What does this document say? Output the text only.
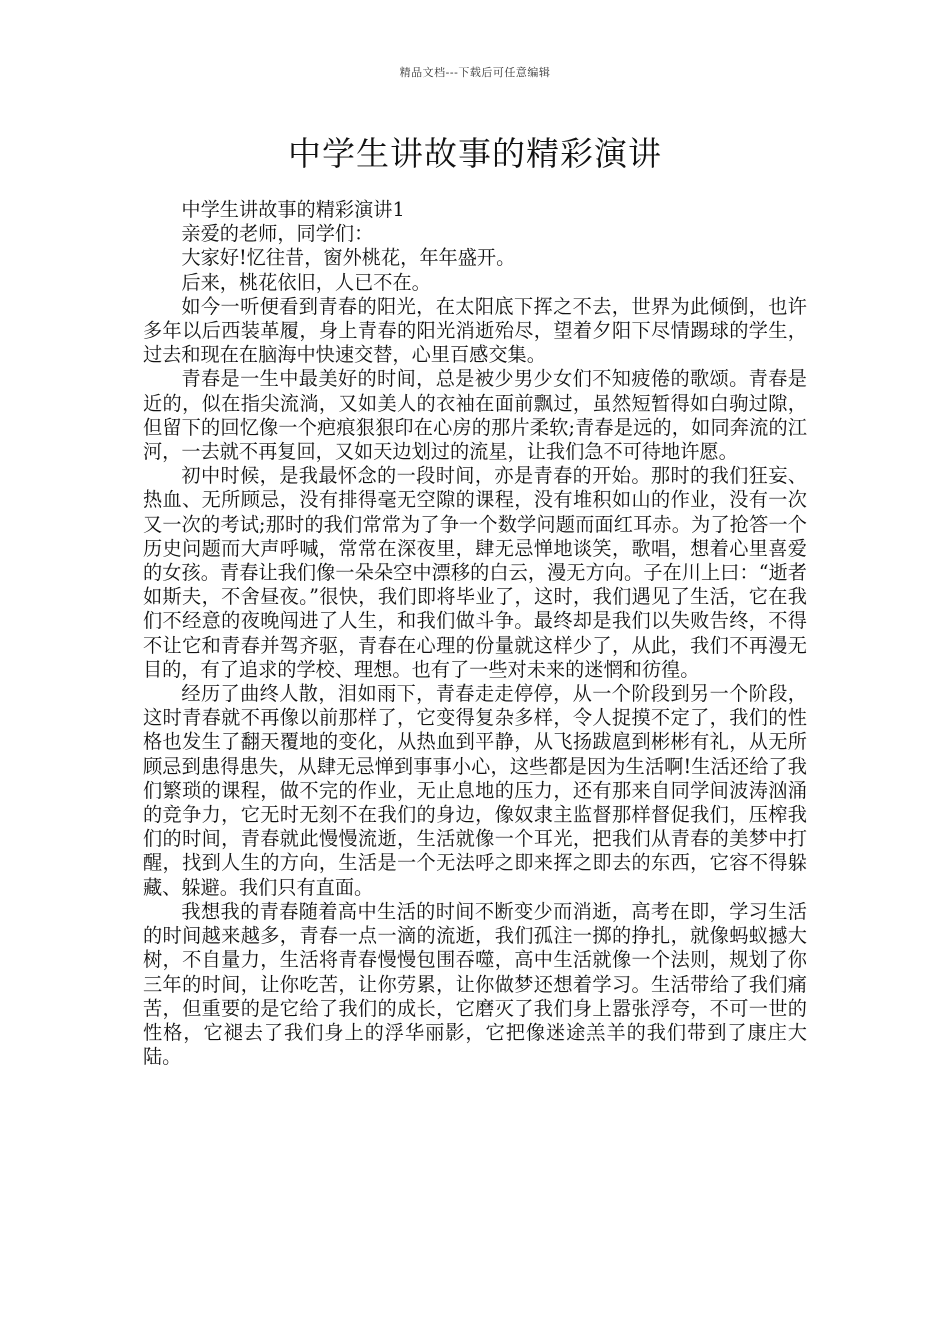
精品文档---下载后可任意编辑
中学生讲故事的精彩演讲

中学生讲故事的精彩演讲1

亲爱的老师，同学们：

大家好!忆往昔，窗外桃花，年年盛开。

后来，桃花依旧，人已不在。

如今一听便看到青春的阳光，在太阳底下挥之不去，世界为此倾倒，也许多年以后西装革履，身上青春的阳光消逝殆尽，望着夕阳下尽情踢球的学生，过去和现在在脑海中快速交替，心里百感交集。

青春是一生中最美好的时间，总是被少男少女们不知疲倦的歌颂。青春是近的，似在指尖流淌，又如美人的衣袖在面前飘过，虽然短暂得如白驹过隙，但留下的回忆像一个疤痕狠狠印在心房的那片柔软;青春是远的，如同奔流的江河，一去就不再复回，又如天边划过的流星，让我们急不可待地许愿。

初中时候，是我最怀念的一段时间，亦是青春的开始。那时的我们狂妄、热血、无所顾忌，没有排得毫无空隙的课程，没有堆积如山的作业，没有一次又一次的考试;那时的我们常常为了争一个数学问题而面红耳赤。为了抢答一个历史问题而大声呼喊，常常在深夜里，肆无忌惮地谈笑，歌唱，想着心里喜爱的女孩。青春让我们像一朵朵空中漂移的白云，漫无方向。子在川上曰：“逝者如斯夫，不舍昼夜。”很快，我们即将毕业了，这时，我们遇见了生活，它在我们不经意的夜晚闯进了人生，和我们做斗争。最终却是我们以失败告终，不得不让它和青春并驾齐驱，青春在心理的份量就这样少了，从此，我们不再漫无目的，有了追求的学校、理想。也有了一些对未来的迷惘和彷徨。

经历了曲终人散，泪如雨下，青春走走停停，从一个阶段到另一个阶段，这时青春就不再像以前那样了，它变得复杂多样，令人捉摸不定了，我们的性格也发生了翻天覆地的变化，从热血到平静，从飞扬跋扈到彬彬有礼，从无所顾忌到患得患失，从肆无忌惮到事事小心，这些都是因为生活啊!生活还给了我们繁琐的课程，做不完的作业，无止息地的压力，还有那来自同学间波涛汹涌的竞争力，它无时无刻不在我们的身边，像奴隶主监督那样督促我们，压榨我们的时间，青春就此慢慢流逝，生活就像一个耳光，把我们从青春的美梦中打醒，找到人生的方向，生活是一个无法呼之即来挥之即去的东西，它容不得躲藏、躲避。我们只有直面。

我想我的青春随着高中生活的时间不断变少而消逝，高考在即，学习生活的时间越来越多，青春一点一滴的流逝，我们孤注一掷的挣扎，就像蚂蚁撼大树，不自量力，生活将青春慢慢包围吞噬，高中生活就像一个法则，规划了你三年的时间，让你吃苦，让你劳累，让你做梦还想着学习。生活带给了我们痛苦，但重要的是它给了我们的成长，它磨灭了我们身上嚣张浮夸，不可一世的性格，它褪去了我们身上的浮华丽影，它把像迷途羔羊的我们带到了康庄大陆。
